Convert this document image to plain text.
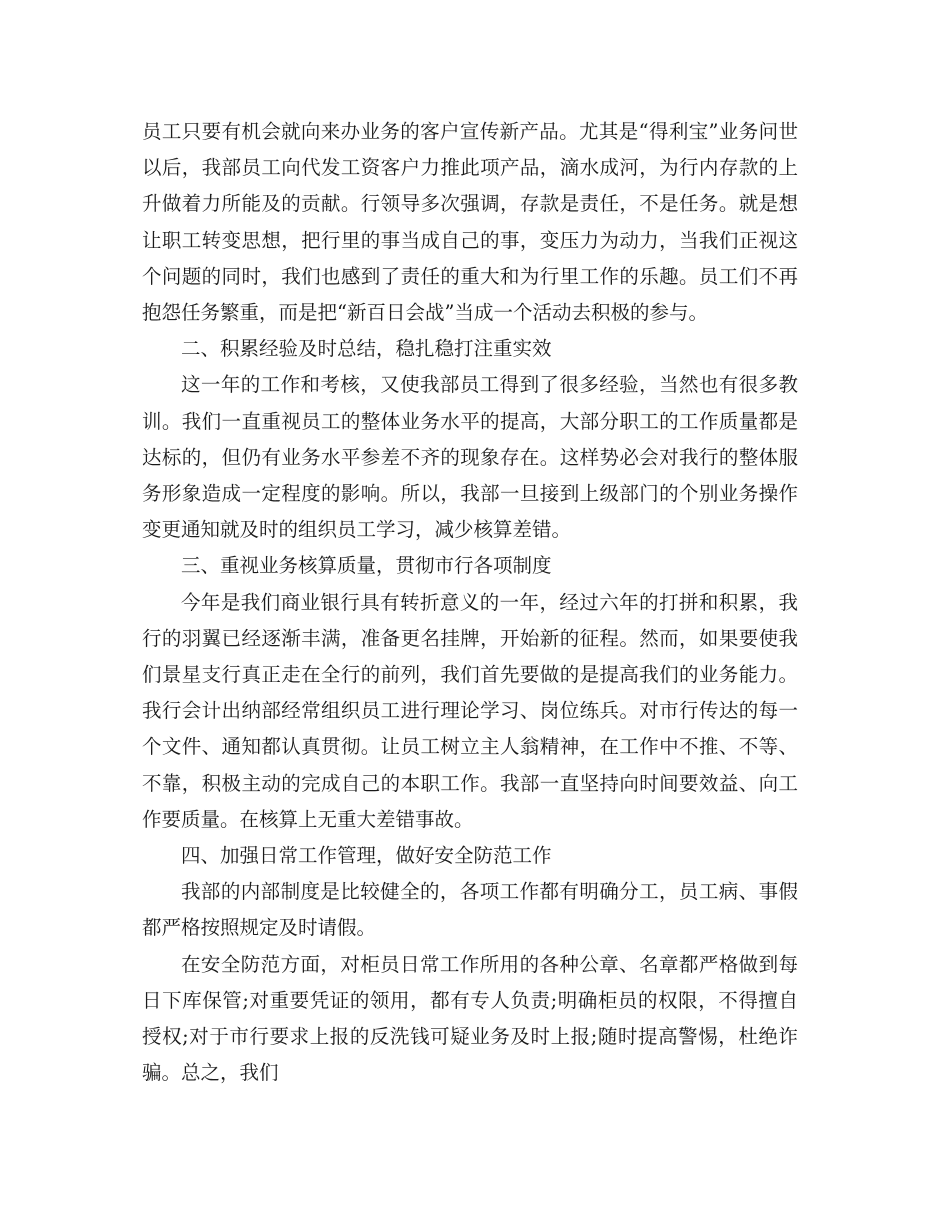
员工只要有机会就向来办业务的客户宣传新产品。尤其是“得利宝”业务问世以后，我部员工向代发工资客户力推此项产品，滴水成河，为行内存款的上升做着力所能及的贡献。行领导多次强调，存款是责任，不是任务。就是想让职工转变思想，把行里的事当成自己的事，变压力为动力，当我们正视这个问题的同时，我们也感到了责任的重大和为行里工作的乐趣。员工们不再抱怨任务繁重，而是把“新百日会战”当成一个活动去积极的参与。

二、积累经验及时总结，稳扎稳打注重实效

这一年的工作和考核，又使我部员工得到了很多经验，当然也有很多教训。我们一直重视员工的整体业务水平的提高，大部分职工的工作质量都是达标的，但仍有业务水平参差不齐的现象存在。这样势必会对我行的整体服务形象造成一定程度的影响。所以，我部一旦接到上级部门的个别业务操作变更通知就及时的组织员工学习，减少核算差错。

三、重视业务核算质量，贯彻市行各项制度

今年是我们商业银行具有转折意义的一年，经过六年的打拼和积累，我行的羽翼已经逐渐丰满，准备更名挂牌，开始新的征程。然而，如果要使我们景星支行真正走在全行的前列，我们首先要做的是提高我们的业务能力。我行会计出纳部经常组织员工进行理论学习、岗位练兵。对市行传达的每一个文件、通知都认真贯彻。让员工树立主人翁精神，在工作中不推、不等、不靠，积极主动的完成自己的本职工作。我部一直坚持向时间要效益、向工作要质量。在核算上无重大差错事故。

四、加强日常工作管理，做好安全防范工作

我部的内部制度是比较健全的，各项工作都有明确分工，员工病、事假都严格按照规定及时请假。

在安全防范方面，对柜员日常工作所用的各种公章、名章都严格做到每日下库保管;对重要凭证的领用，都有专人负责;明确柜员的权限，不得擅自授权;对于市行要求上报的反洗钱可疑业务及时上报;随时提高警惕，杜绝诈骗。总之，我们
